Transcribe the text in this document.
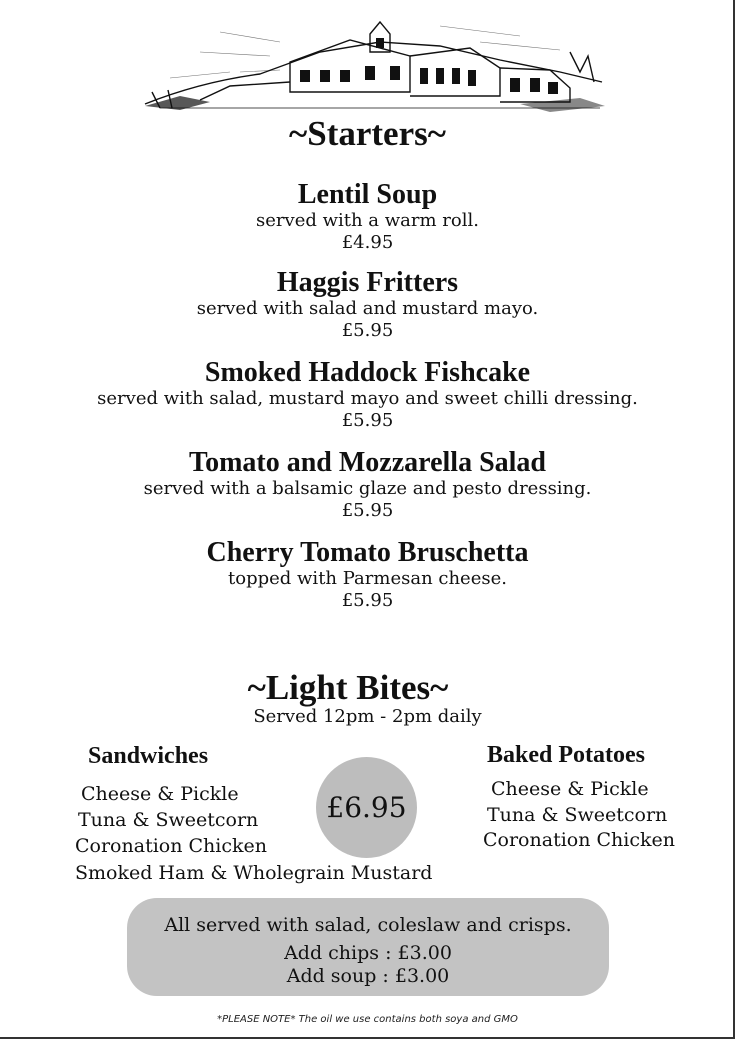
~Starters~
Lentil Soup
served with a warm roll.
£4.95
Haggis Fritters
served with salad and mustard mayo.
£5.95
Smoked Haddock Fishcake
served with salad, mustard mayo and sweet chilli dressing.
£5.95
Tomato and Mozzarella Salad
served with a balsamic glaze and pesto dressing.
£5.95
Cherry Tomato Bruschetta
topped with Parmesan cheese.
£5.95
~Light Bites~
Served 12pm - 2pm daily
Sandwiches
Cheese & Pickle
Tuna & Sweetcorn
Coronation Chicken
Smoked Ham & Wholegrain Mustard
£6.95
Baked Potatoes
Cheese & Pickle
Tuna & Sweetcorn
Coronation Chicken
All served with salad, coleslaw and crisps.
Add chips : £3.00
Add soup : £3.00
*PLEASE NOTE* The oil we use contains both soya and GMO
